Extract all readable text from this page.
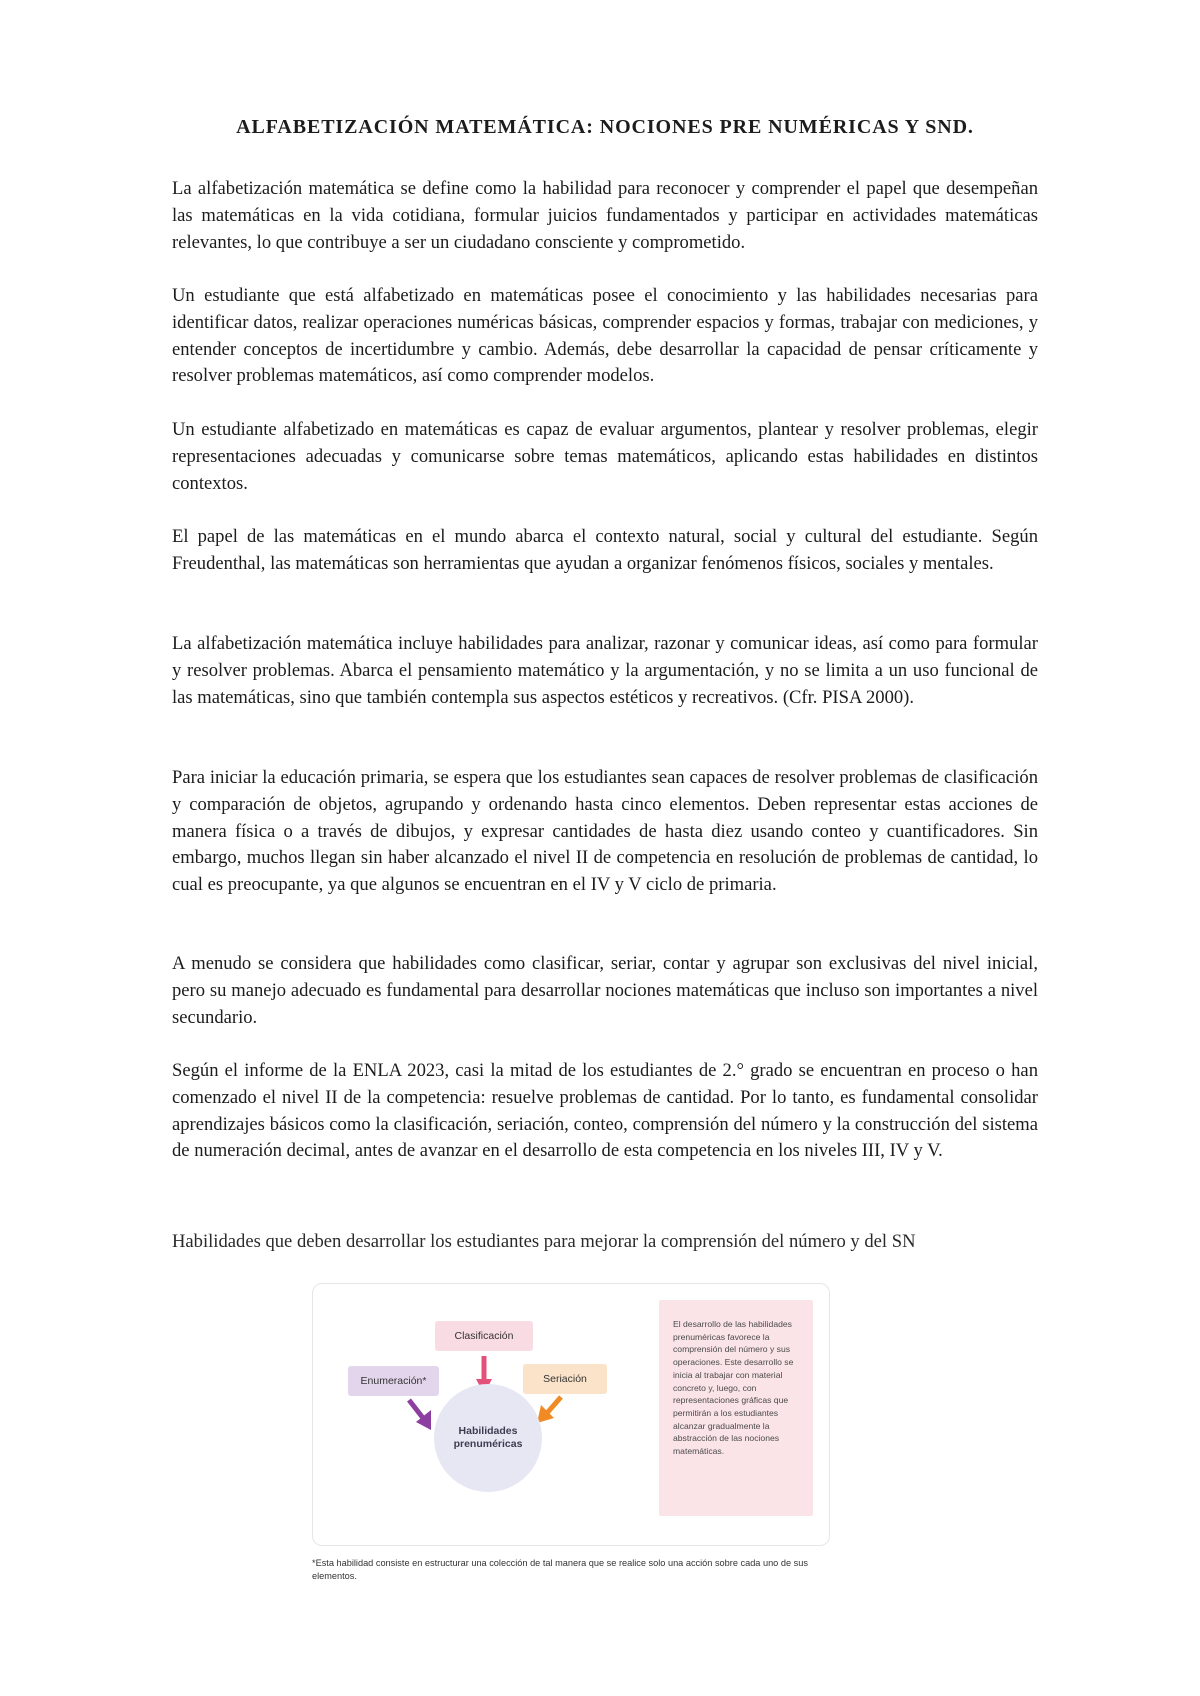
ALFABETIZACIÓN MATEMÁTICA: NOCIONES PRE NUMÉRICAS Y SND.

La alfabetización matemática se define como la habilidad para reconocer y comprender el papel que desempeñan las matemáticas en la vida cotidiana, formular juicios fundamentados y participar en actividades matemáticas relevantes, lo que contribuye a ser un ciudadano consciente y comprometido.

Un estudiante que está alfabetizado en matemáticas posee el conocimiento y las habilidades necesarias para identificar datos, realizar operaciones numéricas básicas, comprender espacios y formas, trabajar con mediciones, y entender conceptos de incertidumbre y cambio. Además, debe desarrollar la capacidad de pensar críticamente y resolver problemas matemáticos, así como comprender modelos.

Un estudiante alfabetizado en matemáticas es capaz de evaluar argumentos, plantear y resolver problemas, elegir representaciones adecuadas y comunicarse sobre temas matemáticos, aplicando estas habilidades en distintos contextos.

El papel de las matemáticas en el mundo abarca el contexto natural, social y cultural del estudiante. Según Freudenthal, las matemáticas son herramientas que ayudan a organizar fenómenos físicos, sociales y mentales.

La alfabetización matemática incluye habilidades para analizar, razonar y comunicar ideas, así como para formular y resolver problemas. Abarca el pensamiento matemático y la argumentación, y no se limita a un uso funcional de las matemáticas, sino que también contempla sus aspectos estéticos y recreativos. (Cfr. PISA 2000).

Para iniciar la educación primaria, se espera que los estudiantes sean capaces de resolver problemas de clasificación y comparación de objetos, agrupando y ordenando hasta cinco elementos. Deben representar estas acciones de manera física o a través de dibujos, y expresar cantidades de hasta diez usando conteo y cuantificadores. Sin embargo, muchos llegan sin haber alcanzado el nivel II de competencia en resolución de problemas de cantidad, lo cual es preocupante, ya que algunos se encuentran en el IV y V ciclo de primaria.

A menudo se considera que habilidades como clasificar, seriar, contar y agrupar son exclusivas del nivel inicial, pero su manejo adecuado es fundamental para desarrollar nociones matemáticas que incluso son importantes a nivel secundario.

Según el informe de la ENLA 2023, casi la mitad de los estudiantes de 2.° grado se encuentran en proceso o han comenzado el nivel II de la competencia: resuelve problemas de cantidad. Por lo tanto, es fundamental consolidar aprendizajes básicos como la clasificación, seriación, conteo, comprensión del número y la construcción del sistema de numeración decimal, antes de avanzar en el desarrollo de esta competencia en los niveles III, IV y V.

Habilidades que deben desarrollar los estudiantes para mejorar la comprensión del número y del SN

Clasificación
Enumeración*	Seriación
Habilidades prenuméricas

El desarrollo de las habilidades prenuméricas favorece la comprensión del número y sus operaciones. Este desarrollo se inicia al trabajar con material concreto y, luego, con representaciones gráficas que permitirán a los estudiantes alcanzar gradualmente la abstracción de las nociones matemáticas.

*Esta habilidad consiste en estructurar una colección de tal manera que se realice solo una acción sobre cada uno de sus elementos.
